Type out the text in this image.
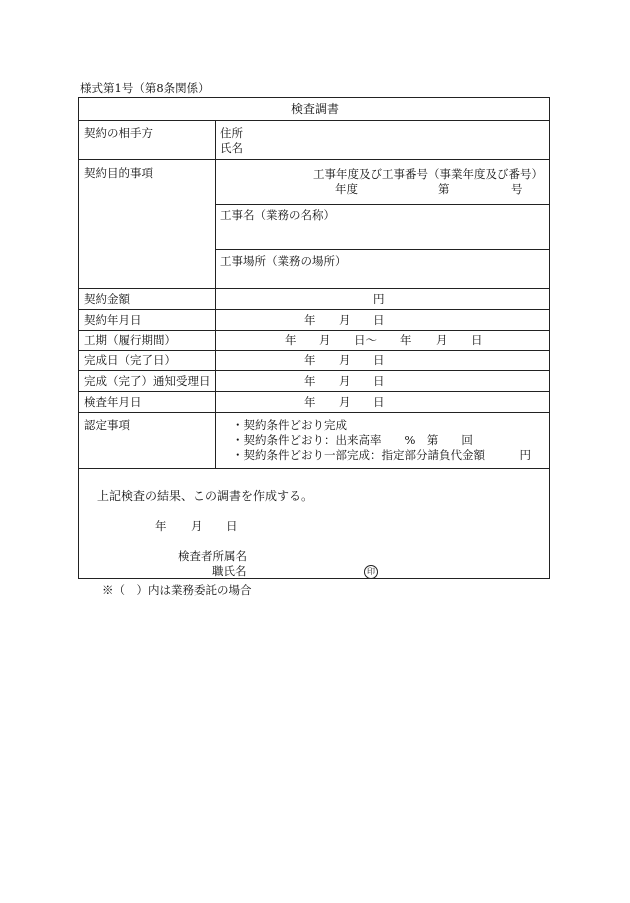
様式第1号（第8条関係）
検査調書
契約の相手方	住所
氏名
契約目的事項	工事年度及び工事番号（事業年度及び番号）
年度	第	号
工事名（業務の名称）
工事場所（業務の場所）
契約金額	円
契約年月日	年 月 日
工期（履行期間）	年 月 日～ 年 月 日
完成日（完了日）	年 月 日
完成（完了）通知受理日	年 月 日
検査年月日	年 月 日
認定事項	・契約条件どおり完成
・契約条件どおり：出来高率　　%　第　　回
・契約条件どおり一部完成：指定部分請負代金額　　　円
上記検査の結果、この調書を作成する。
年 月 日
検査者所属名
職氏名	印
※（　）内は業務委託の場合
